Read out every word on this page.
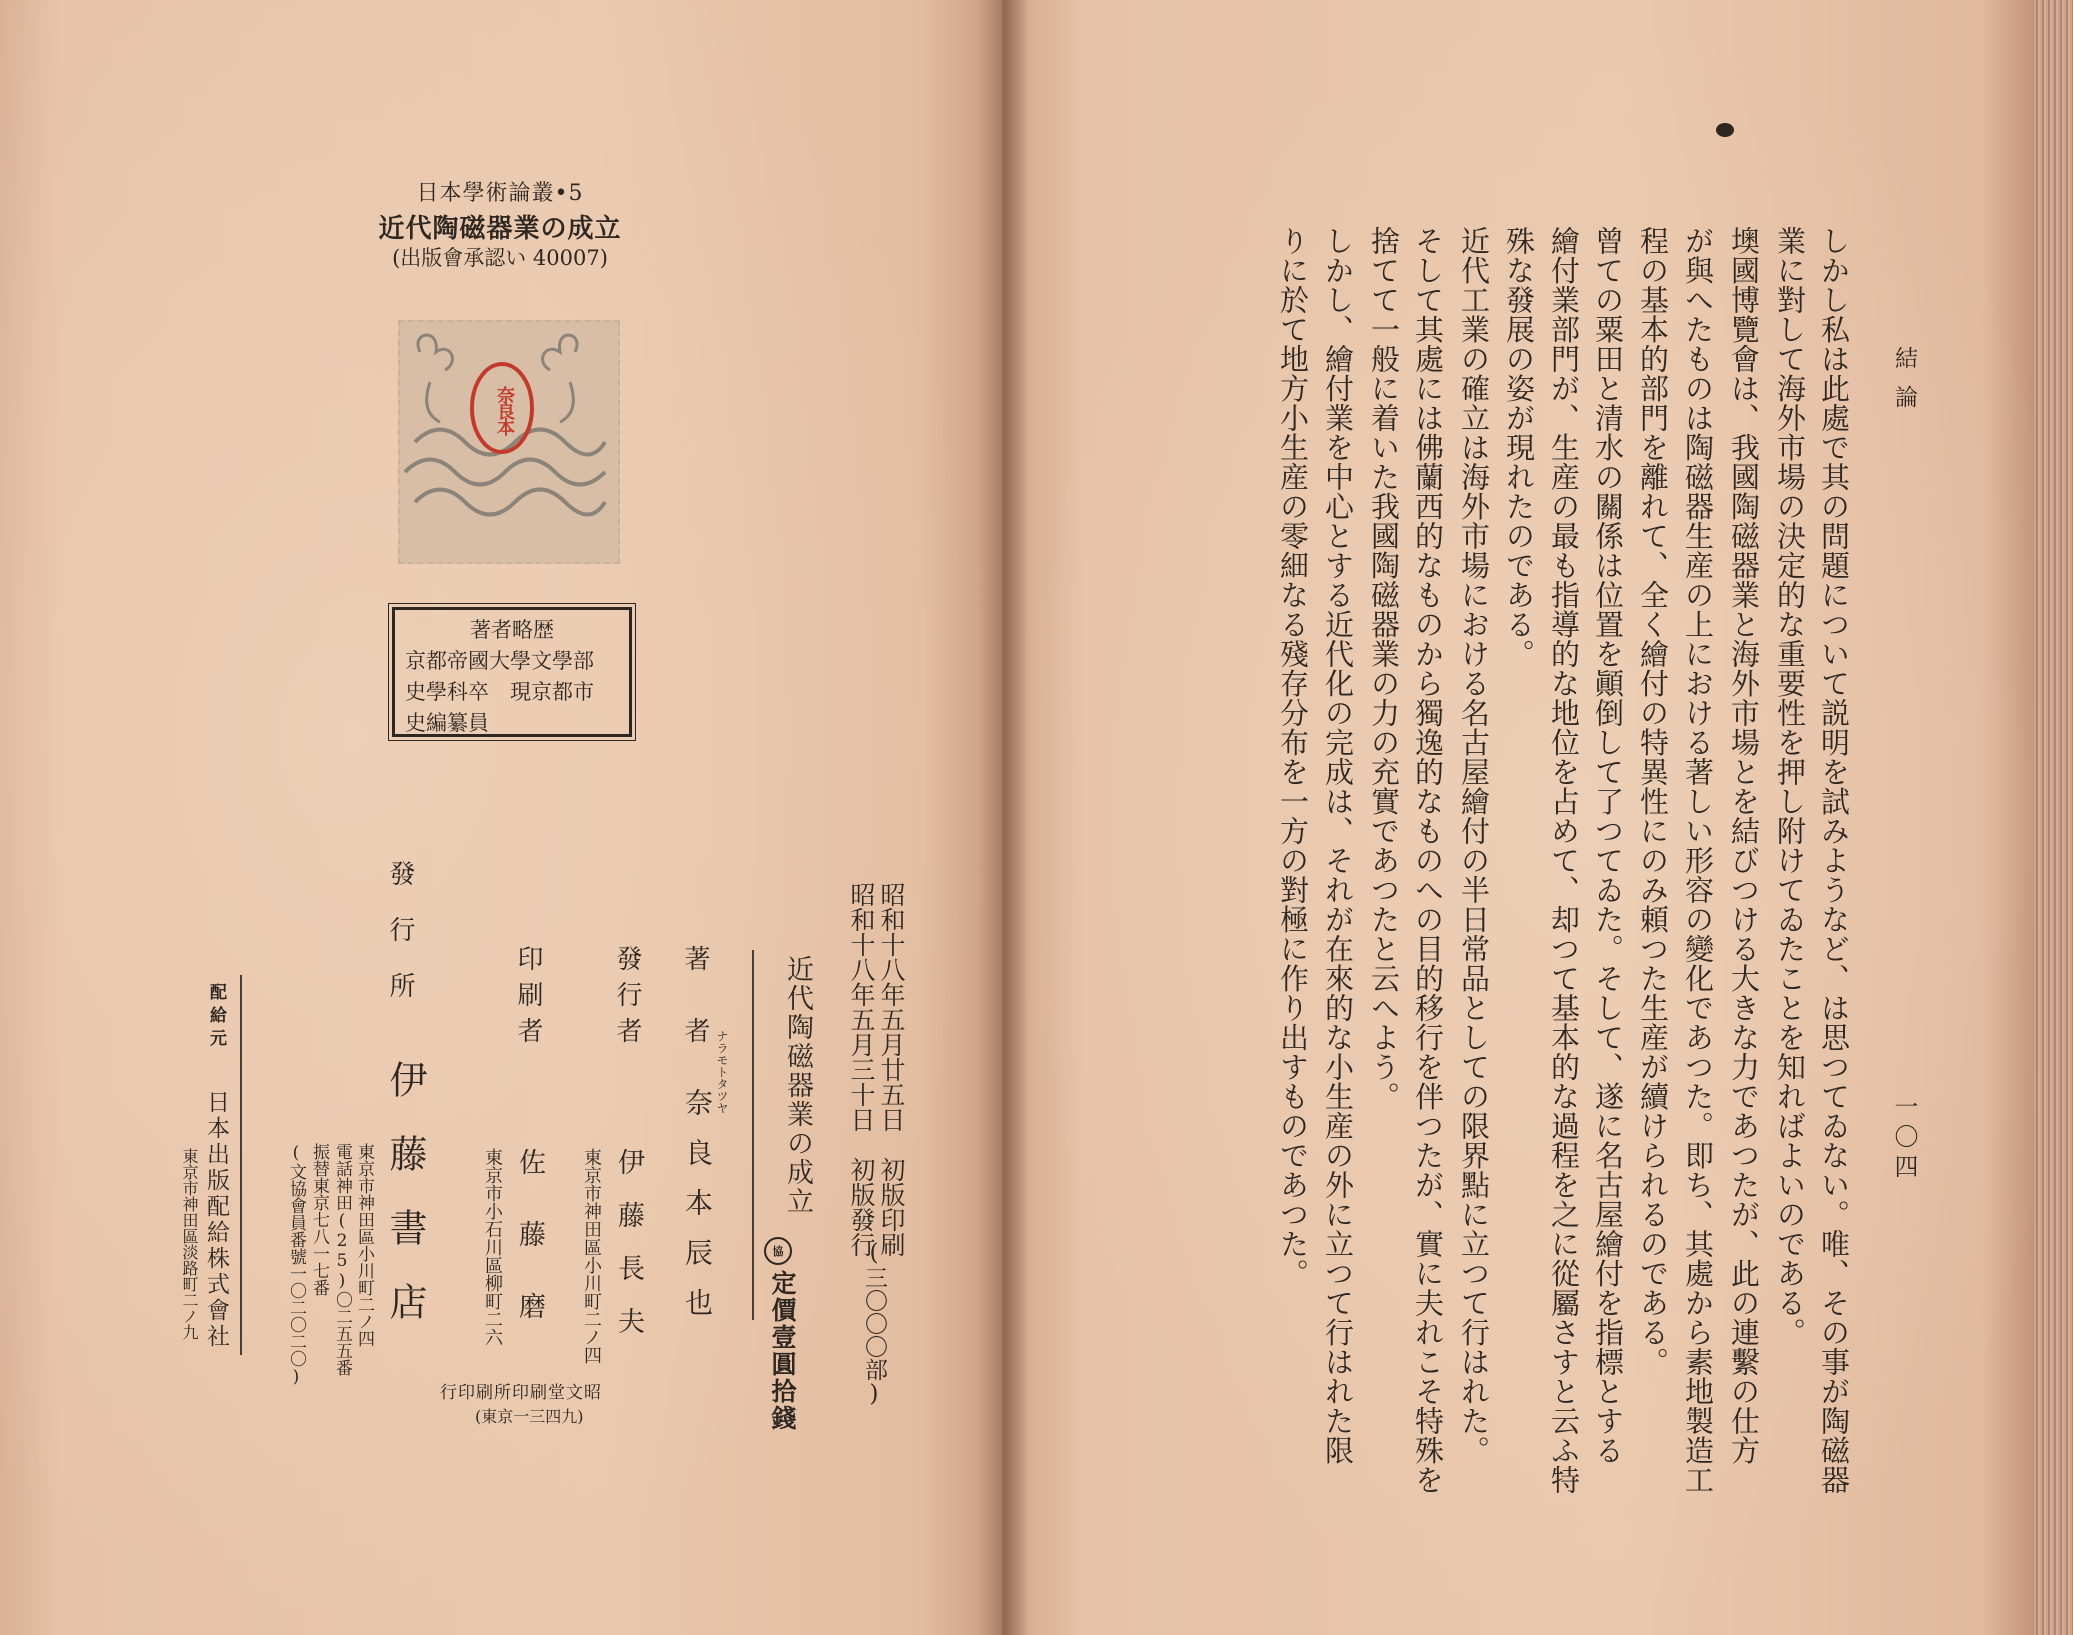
日本學術論叢•5
近代陶磁器業の成立
(出版會承認い 40007)
奈良本
著者略歴
京都帝國大學文學部
史學科卒　現京都市
史編纂員
昭和十八年五月廿五日　初版印刷
昭和十八年五月三十日　初版發行
(三〇〇〇部)
近代陶磁器業の成立
協
定價壹圓拾錢
著　者
ナラモトタツヤ
奈良本辰也
發行者
伊藤長夫
東京市神田區小川町二ノ四
印刷者
佐藤磨
東京市小石川區柳町二六
發行所
伊藤書店
東京市神田區小川町二ノ四
電話神田(25)〇二五五番
振替東京七八一七番
(文協會員番號一〇二〇二〇)
配給元
日本出版配給株式會社
東京市神田區淡路町二ノ九
行印刷所印刷堂文昭
(東京一三四九)
結論
一〇四
しかし私は此處で其の問題について説明を試みようなど、は思つてゐない。唯、その事が陶磁器
業に對して海外市場の決定的な重要性を押し附けてゐたことを知ればよいのである。
墺國博覽會は、我國陶磁器業と海外市場とを結びつける大きな力であつたが、此の連繫の仕方
が與へたものは陶磁器生産の上における著しい形容の變化であつた。即ち、其處から素地製造工
程の基本的部門を離れて、全く繪付の特異性にのみ頼つた生産が續けられるのである。
曾ての粟田と清水の關係は位置を顚倒して了つてゐた。そして、遂に名古屋繪付を指標とする
繪付業部門が、生産の最も指導的な地位を占めて、却つて基本的な過程を之に從屬さすと云ふ特
殊な發展の姿が現れたのである。
近代工業の確立は海外市場における名古屋繪付の半日常品としての限界點に立つて行はれた。
そして其處には佛蘭西的なものから獨逸的なものへの目的移行を伴つたが、實に夫れこそ特殊を
捨てて一般に着いた我國陶磁器業の力の充實であつたと云へよう。
しかし、繪付業を中心とする近代化の完成は、それが在來的な小生産の外に立つて行はれた限
りに於て地方小生産の零細なる殘存分布を一方の對極に作り出すものであつた。
